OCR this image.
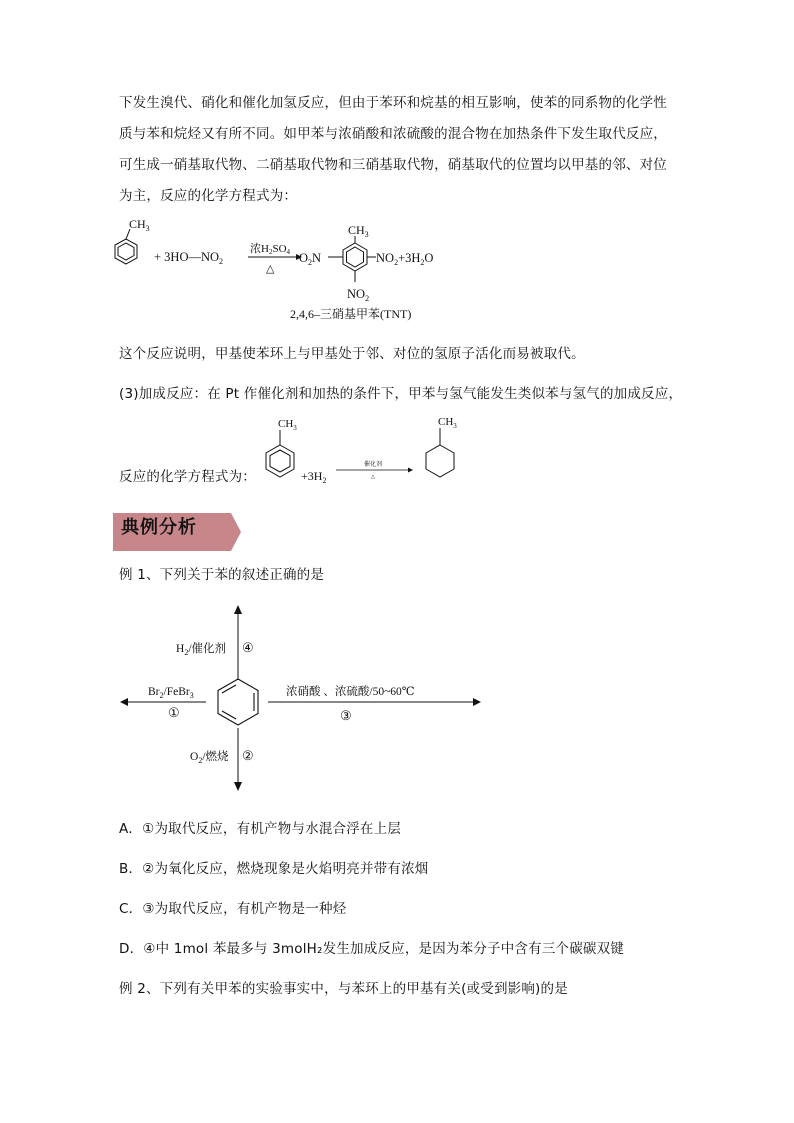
下发生溴代、硝化和催化加氢反应，但由于苯环和烷基的相互影响，使苯的同系物的化学性
质与苯和烷烃又有所不同。如甲苯与浓硝酸和浓硫酸的混合物在加热条件下发生取代反应，
可生成一硝基取代物、二硝基取代物和三硝基取代物，硝基取代的位置均以甲基的邻、对位
为主，反应的化学方程式为：
$CH_3$
+ $3HO—NO_2$
浓H2SO4
△
$O_2N$
$CH_3$
$NO_2+3H_2O$
$NO_2$
2,4,6–三硝基甲苯(TNT)
这个反应说明，甲基使苯环上与甲基处于邻、对位的氢原子活化而易被取代。
(3)加成反应：在 Pt 作催化剂和加热的条件下，甲苯与氢气能发生类似苯与氢气的加成反应，
反应的化学方程式为：
$CH_3$
$+3H_2$
催化剂
△
$CH_3$
典例分析
例 1、下列关于苯的叙述正确的是
$H_2/$催化剂 ④
$Br_2/FeBr_3$
①
浓硝酸 、浓硫酸/50~60℃
③
$O_2/$燃烧 ②
A．①为取代反应，有机产物与水混合浮在上层
B．②为氧化反应，燃烧现象是火焰明亮并带有浓烟
C．③为取代反应，有机产物是一种烃
D．④中 1mol 苯最多与 3molH₂发生加成反应，是因为苯分子中含有三个碳碳双键
例 2、下列有关甲苯的实验事实中，与苯环上的甲基有关(或受到影响)的是
